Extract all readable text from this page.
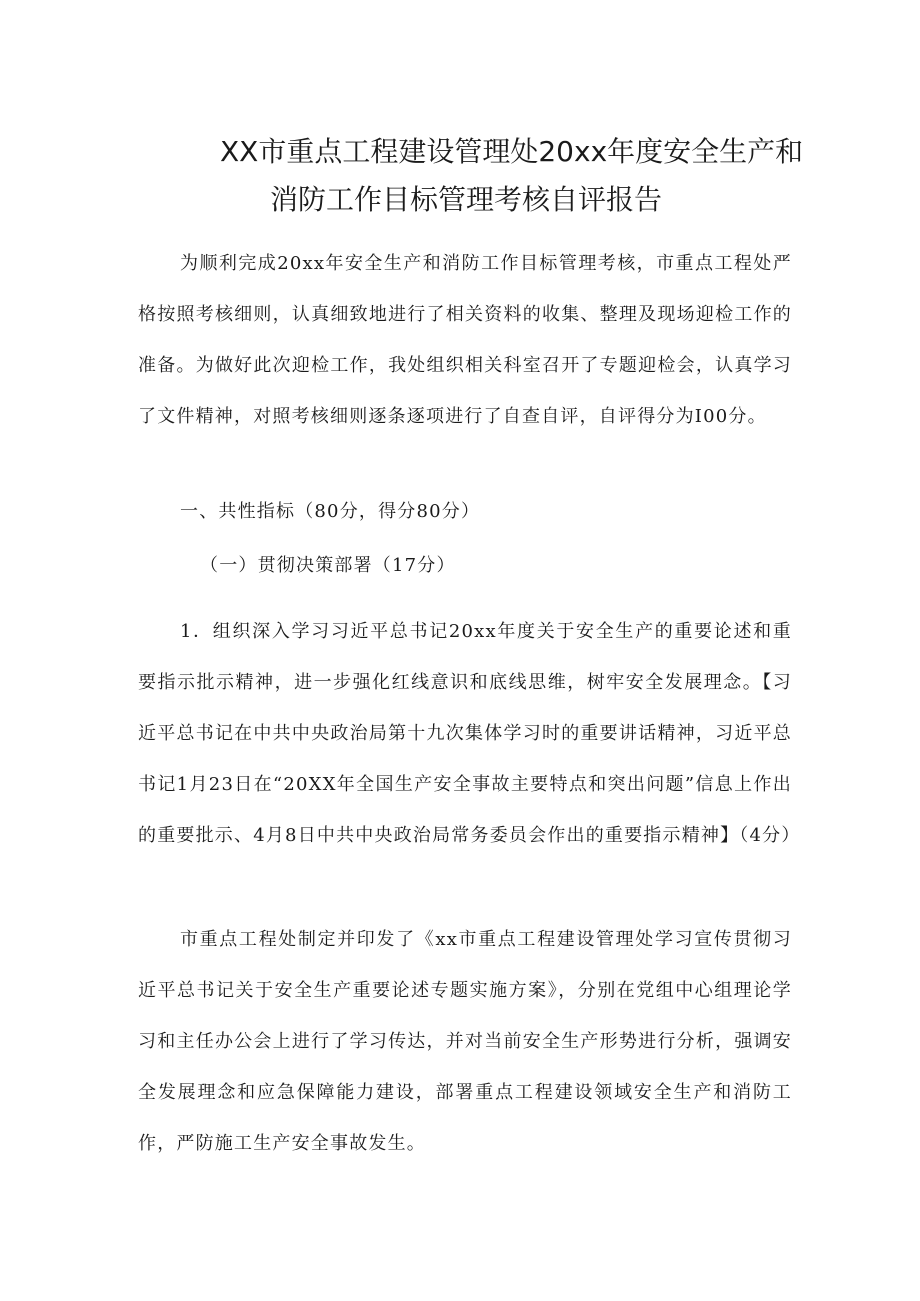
XX市重点工程建设管理处20xx年度安全生产和
消防工作目标管理考核自评报告

为顺利完成20xx年安全生产和消防工作目标管理考核，市重点工程处严格按照考核细则，认真细致地进行了相关资料的收集、整理及现场迎检工作的准备。为做好此次迎检工作，我处组织相关科室召开了专题迎检会，认真学习了文件精神，对照考核细则逐条逐项进行了自查自评，自评得分为I00分。

一、共性指标（80分，得分80分）
（一）贯彻决策部署（17分）

1．组织深入学习习近平总书记20xx年度关于安全生产的重要论述和重要指示批示精神，进一步强化红线意识和底线思维，树牢安全发展理念。【习近平总书记在中共中央政治局第十九次集体学习时的重要讲话精神，习近平总书记1月23日在“20XX年全国生产安全事故主要特点和突出问题”信息上作出的重要批示、4月8日中共中央政治局常务委员会作出的重要指示精神】（4分）

市重点工程处制定并印发了《xx市重点工程建设管理处学习宣传贯彻习近平总书记关于安全生产重要论述专题实施方案》，分别在党组中心组理论学习和主任办公会上进行了学习传达，并对当前安全生产形势进行分析，强调安全发展理念和应急保障能力建设，部署重点工程建设领域安全生产和消防工作，严防施工生产安全事故发生。
